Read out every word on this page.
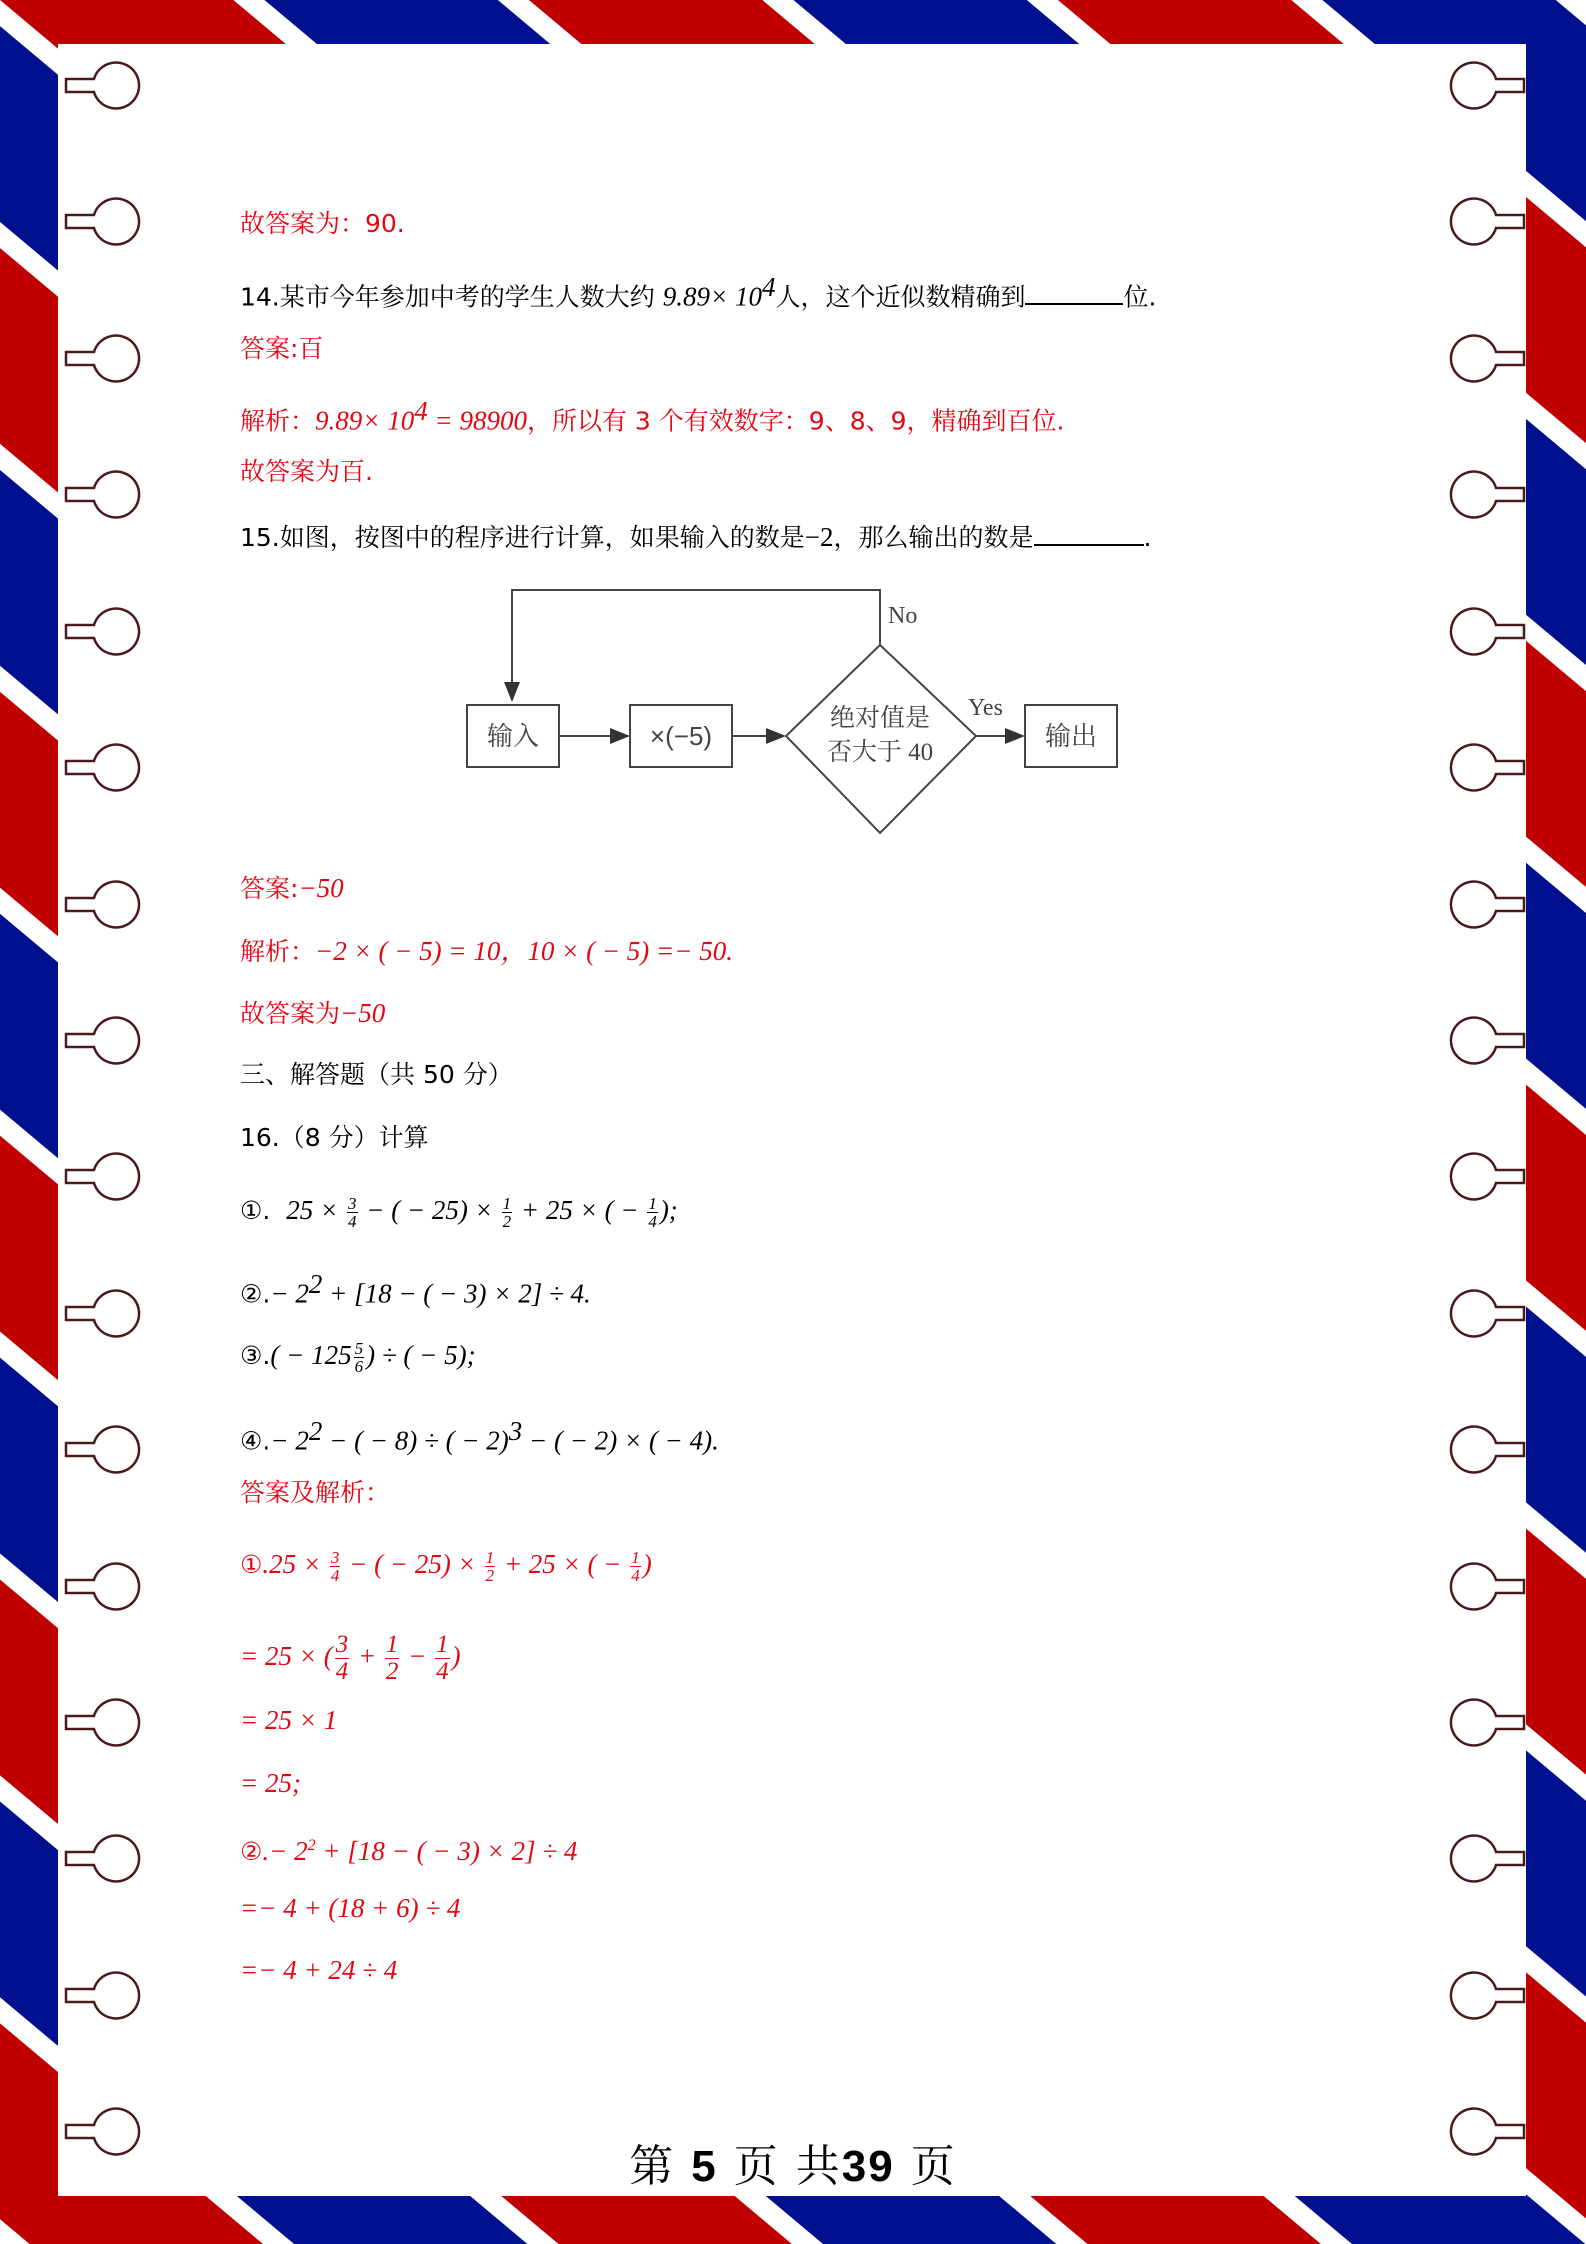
故答案为：90.
14.某市今年参加中考的学生人数大约 $9.89\times 10^4$人，这个近似数精确到	位.
答案:百
解析：$9.89\times 10^4 = 98900$，所以有 3 个有效数字：9、8、9，精确到百位.
故答案为百.
15.如图，按图中的程序进行计算，如果输入的数是−2，那么输出的数是	.
答案:−50
解析：−2 × ( − 5) = 10，10 × ( − 5) =− 50.
故答案为−50
三、解答题（共 50 分）
16.（8 分）计算
①. $25 \times \frac{3}{4}$ − ( − $25) \times \frac{1}{2} + 25$ × ( − $\frac{1}{4}$ );
②.− $2^2 + [18$ − ( − 3) × 2] ÷ 4.
③.( − $125 \frac{5}{6}$ ) ÷ ( − 5);
④.− $2^2$ − ( − 8) ÷ ( − 2)$^3$ − ( − 2) × ( − 4).
答案及解析：
①.25 × $\frac{3}{4}$ − ( − $25) \times \frac{1}{2} + 25$ × ( − $\frac{1}{4}$ )
= 25 × ( $\frac{3}{4} + \frac{1}{2} - \frac{1}{4}$ )
= 25 × 1
= 25;
②.− $2^2 + [18$ − ( − 3) × 2] ÷ 4
=− 4 + (18 + 6) ÷ 4
=− 4 + 24 ÷ 4
输入	×(−5)
绝对值是
否大于 40
No
Yes
输出
第 5 页 共39 页
